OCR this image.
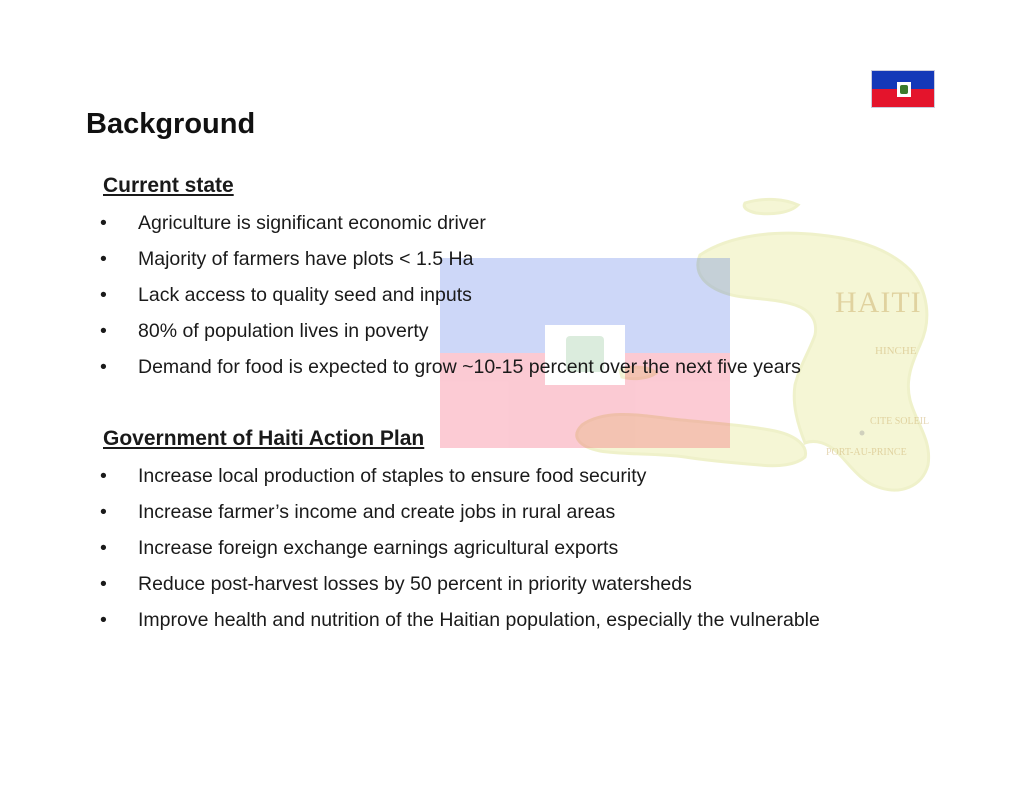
HAITI
HINCHE
CITE SOLEIL
PORT-AU-PRINCE
Background
Current state
• Agriculture is significant economic driver
• Majority of farmers have plots < 1.5 Ha
• Lack access to quality seed and inputs
• 80% of population lives in poverty
• Demand for food is expected to grow ~10-15 percent over the next five years
Government of Haiti Action Plan
• Increase local production of staples to ensure food security
• Increase farmer’s income and create jobs in rural areas
• Increase foreign exchange earnings agricultural exports
• Reduce post-harvest losses by 50 percent in priority watersheds
• Improve health and nutrition of the Haitian population, especially the vulnerable
